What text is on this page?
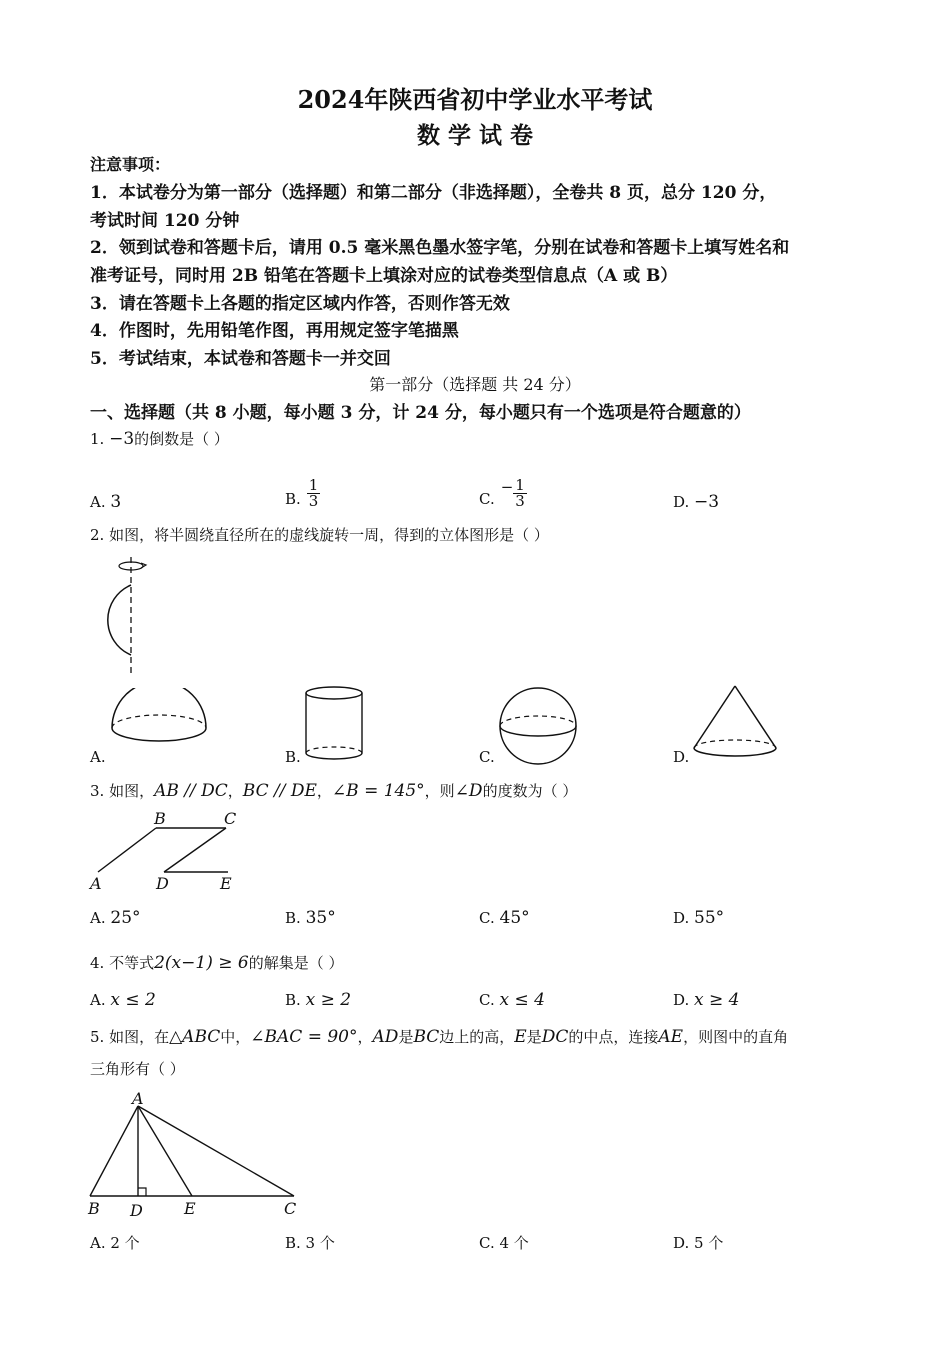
2024年陕西省初中学业水平考试
数 学 试 卷
注意事项：
1．本试卷分为第一部分（选择题）和第二部分（非选择题），全卷共 8 页，总分 120 分，
考试时间 120 分钟
2．领到试卷和答题卡后，请用 0.5 毫米黑色墨水签字笔，分别在试卷和答题卡上填写姓名和
准考证号，同时用 2B 铅笔在答题卡上填涂对应的试卷类型信息点（A 或 B）
3．请在答题卡上各题的指定区域内作答，否则作答无效
4．作图时，先用铅笔作图，再用规定签字笔描黑
5．考试结束，本试卷和答题卡一并交回
第一部分（选择题 共 24 分）
一、选择题（共 8 小题，每小题 3 分，计 24 分，每小题只有一个选项是符合题意的）
1. −3的倒数是（ ）
A. 3	B. $\frac{1}{3}$	C.
− $\frac{1}{3}$	D. −3
2. 如图，将半圆绕直径所在的虚线旋转一周，得到的立体图形是（ ）
A.	B.	C.	D.
3. 如图，AB // DC，BC // DE，∠B = 145°，则∠D的度数为（ ）
A
B	C
D	E
A. 25°	B. 35°	C. 45°	D. 55°
4. 不等式2(x−1) ≥ 6的解集是（ ）
A. x ≤ 2	B. x ≥ 2	C. x ≤ 4	D. x ≥ 4
5. 如图，在△ABC中，∠BAC = 90°，AD是BC边上的高，E是DC的中点，连接AE，则图中的直角
三角形有（ ）
A
B D	E	C
A. 2 个	B. 3 个	C. 4 个	D. 5 个
